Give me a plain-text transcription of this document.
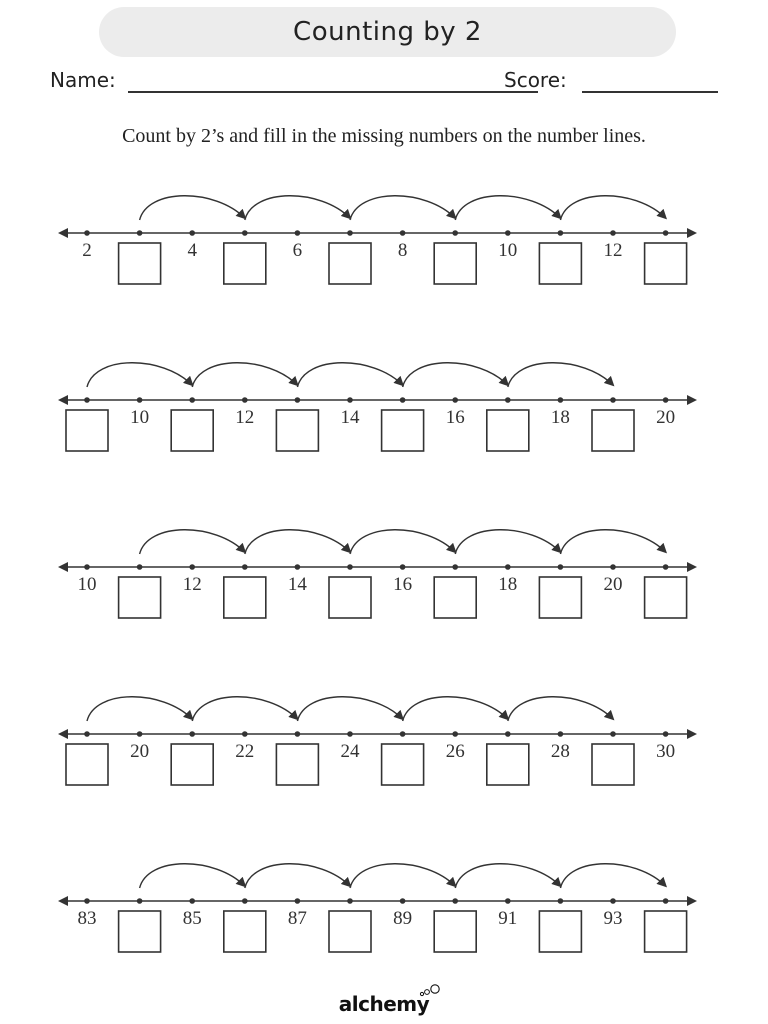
Counting by 2
Name:	Score:
Count by 2’s and fill in the missing numbers on the number lines.
2	4	6	8	10	12
10	12	14	16	18	20
10	12	14	16	18	20
20	22	24	26	28	30
83	85	87	89	91	93
alchemy
